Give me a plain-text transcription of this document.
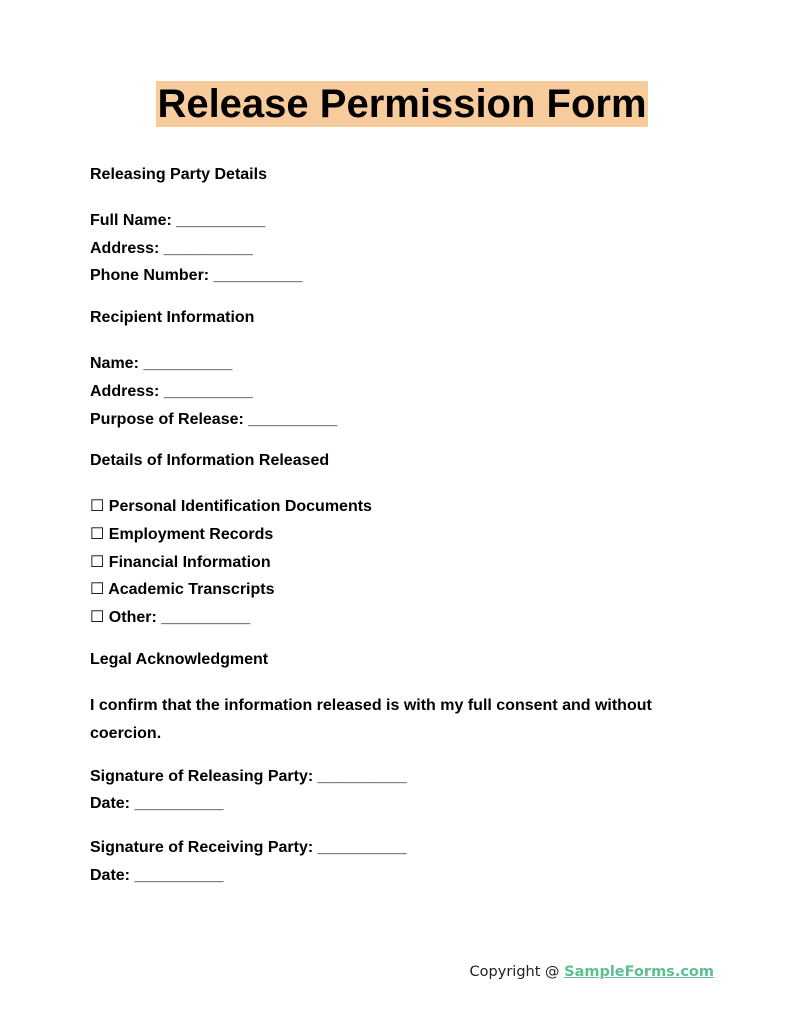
Release Permission Form
Releasing Party Details
Full Name: __________
Address: __________
Phone Number: __________
Recipient Information
Name: __________
Address: __________
Purpose of Release: __________
Details of Information Released
☐ Personal Identification Documents
☐ Employment Records
☐ Financial Information
☐ Academic Transcripts
☐ Other: __________
Legal Acknowledgment
I confirm that the information released is with my full consent and without coercion.
Signature of Releasing Party: __________
Date: __________
Signature of Receiving Party: __________
Date: __________
Copyright @ SampleForms.com
